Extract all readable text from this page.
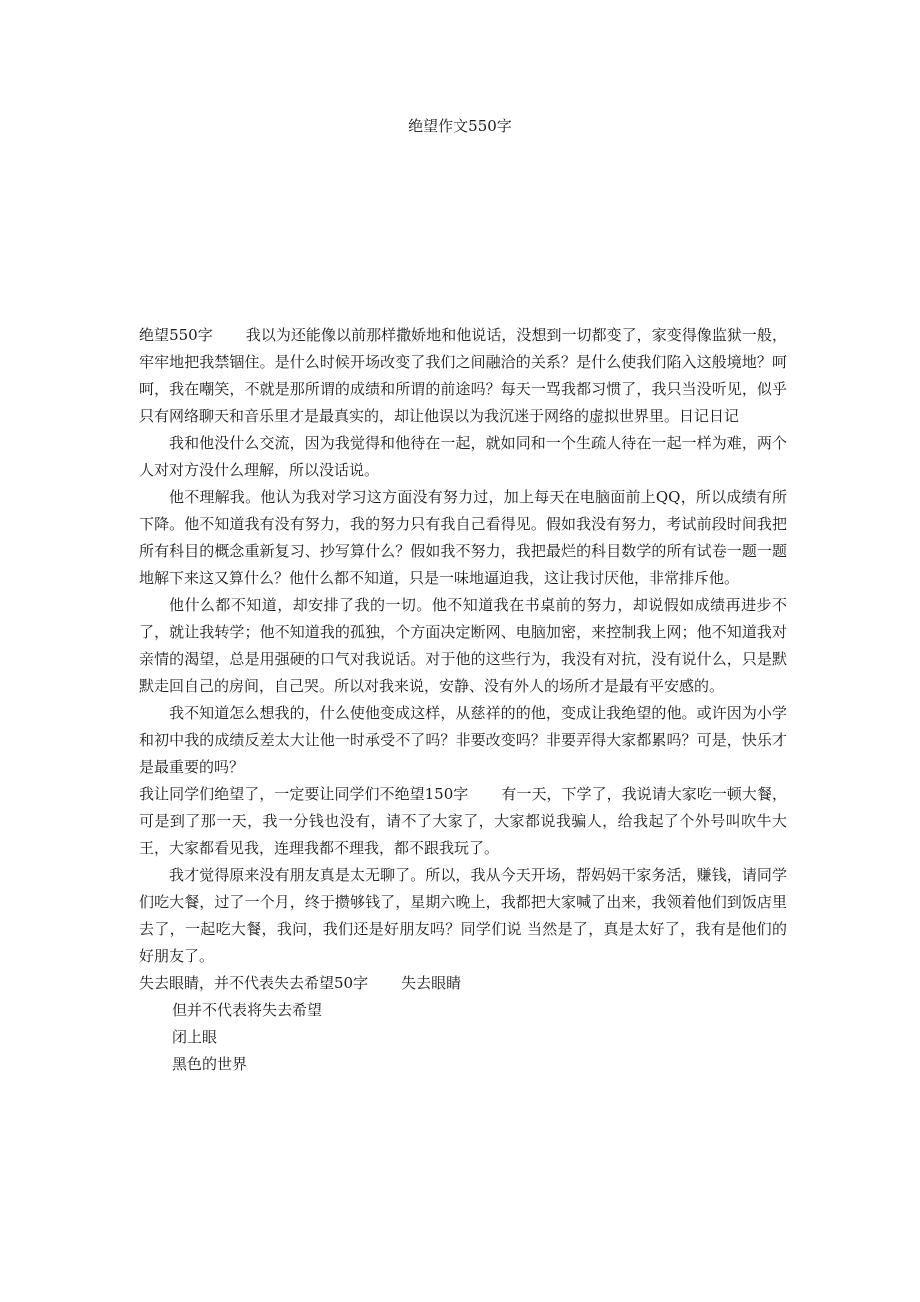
绝望作文550字

绝望550字 我以为还能像以前那样撒娇地和他说话，没想到一切都变了，家变得像监狱一般，牢牢地把我禁锢住。是什么时候开场改变了我们之间融洽的关系？是什么使我们陷入这般境地？呵呵，我在嘲笑，不就是那所谓的成绩和所谓的前途吗？每天一骂我都习惯了，我只当没听见，似乎只有网络聊天和音乐里才是最真实的，却让他误以为我沉迷于网络的虚拟世界里。日记日记

我和他没什么交流，因为我觉得和他待在一起，就如同和一个生疏人待在一起一样为难，两个人对对方没什么理解，所以没话说。

他不理解我。他认为我对学习这方面没有努力过，加上每天在电脑面前上QQ，所以成绩有所下降。他不知道我有没有努力，我的努力只有我自己看得见。假如我没有努力，考试前段时间我把所有科目的概念重新复习、抄写算什么？假如我不努力，我把最烂的科目数学的所有试卷一题一题地解下来这又算什么？他什么都不知道，只是一味地逼迫我，这让我讨厌他，非常排斥他。

他什么都不知道，却安排了我的一切。他不知道我在书桌前的努力，却说假如成绩再进步不了，就让我转学；他不知道我的孤独，个方面决定断网、电脑加密，来控制我上网；他不知道我对亲情的渴望，总是用强硬的口气对我说话。对于他的这些行为，我没有对抗，没有说什么，只是默默走回自己的房间，自己哭。所以对我来说，安静、没有外人的场所才是最有平安感的。

我不知道怎么想我的，什么使他变成这样，从慈祥的的他，变成让我绝望的他。或许因为小学和初中我的成绩反差太大让他一时承受不了吗？非要改变吗？非要弄得大家都累吗？可是，快乐才是最重要的吗？

我让同学们绝望了，一定要让同学们不绝望150字 有一天，下学了，我说请大家吃一顿大餐，可是到了那一天，我一分钱也没有，请不了大家了，大家都说我骗人，给我起了个外号叫吹牛大王，大家都看见我，连理我都不理我，都不跟我玩了。

我才觉得原来没有朋友真是太无聊了。所以，我从今天开场，帮妈妈干家务活，赚钱，请同学们吃大餐，过了一个月，终于攒够钱了，星期六晚上，我都把大家喊了出来，我领着他们到饭店里去了，一起吃大餐，我问，我们还是好朋友吗？同学们说 当然是了，真是太好了，我有是他们的好朋友了。

失去眼睛，并不代表失去希望50字 失去眼睛

但并不代表将失去希望

闭上眼

黑色的世界
